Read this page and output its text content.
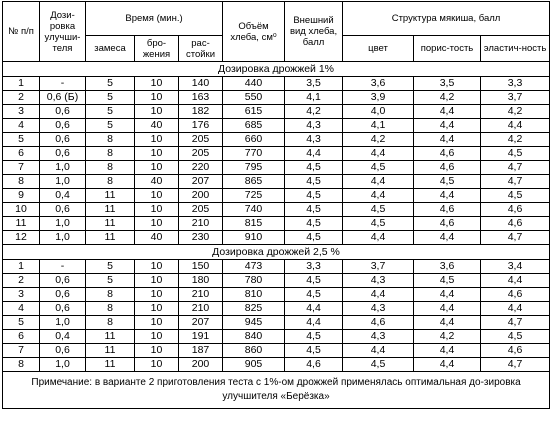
№ п/п	Дози-ровка улучши-теля	Время (мин.)			Объём хлеба, см⁰	Внешний вид хлеба, балл	Структура мякиша, балл		
		замеса	бро-жения	рас-стойки			цвет	порис-тость	эластич-ность
Дозировка дрожжей 1%									
1	-	5	10	140	440	3,5	3,6	3,5	3,3
2	0,6 (Б)	5	10	163	550	4,1	3,9	4,2	3,7
3	0,6	5	10	182	615	4,2	4,0	4,4	4,2
4	0,6	5	40	176	685	4,3	4,1	4,4	4,4
5	0,6	8	10	205	660	4,3	4,2	4,4	4,2
6	0,6	8	10	205	770	4,4	4,4	4,6	4,5
7	1,0	8	10	220	795	4,5	4,5	4,6	4,7
8	1,0	8	40	207	865	4,5	4,4	4,5	4,7
9	0,4	11	10	200	725	4,5	4,4	4,4	4,5
10	0,6	11	10	205	740	4,5	4,5	4,6	4,6
11	1,0	11	10	210	815	4,5	4,5	4,6	4,6
12	1,0	11	40	230	910	4,5	4,4	4,4	4,7
Дозировка дрожжей 2,5 %									
1	-	5	10	150	473	3,3	3,7	3,6	3,4
2	0,6	5	10	180	780	4,5	4,3	4,5	4,4
3	0,6	8	10	210	810	4,5	4,4	4,4	4,6
4	0,6	8	10	210	825	4,4	4,3	4,4	4,4
5	1,0	8	10	207	945	4,4	4,6	4,4	4,7
6	0,4	11	10	191	840	4,5	4,3	4,2	4,5
7	0,6	11	10	187	860	4,5	4,4	4,4	4,6
8	1,0	11	10	200	905	4,6	4,5	4,4	4,7
Примечание: в варианте 2 приготовления теста с 1%-ом дрожжей применялась оптимальная до-зировка улучшителя «Берёзка»									
